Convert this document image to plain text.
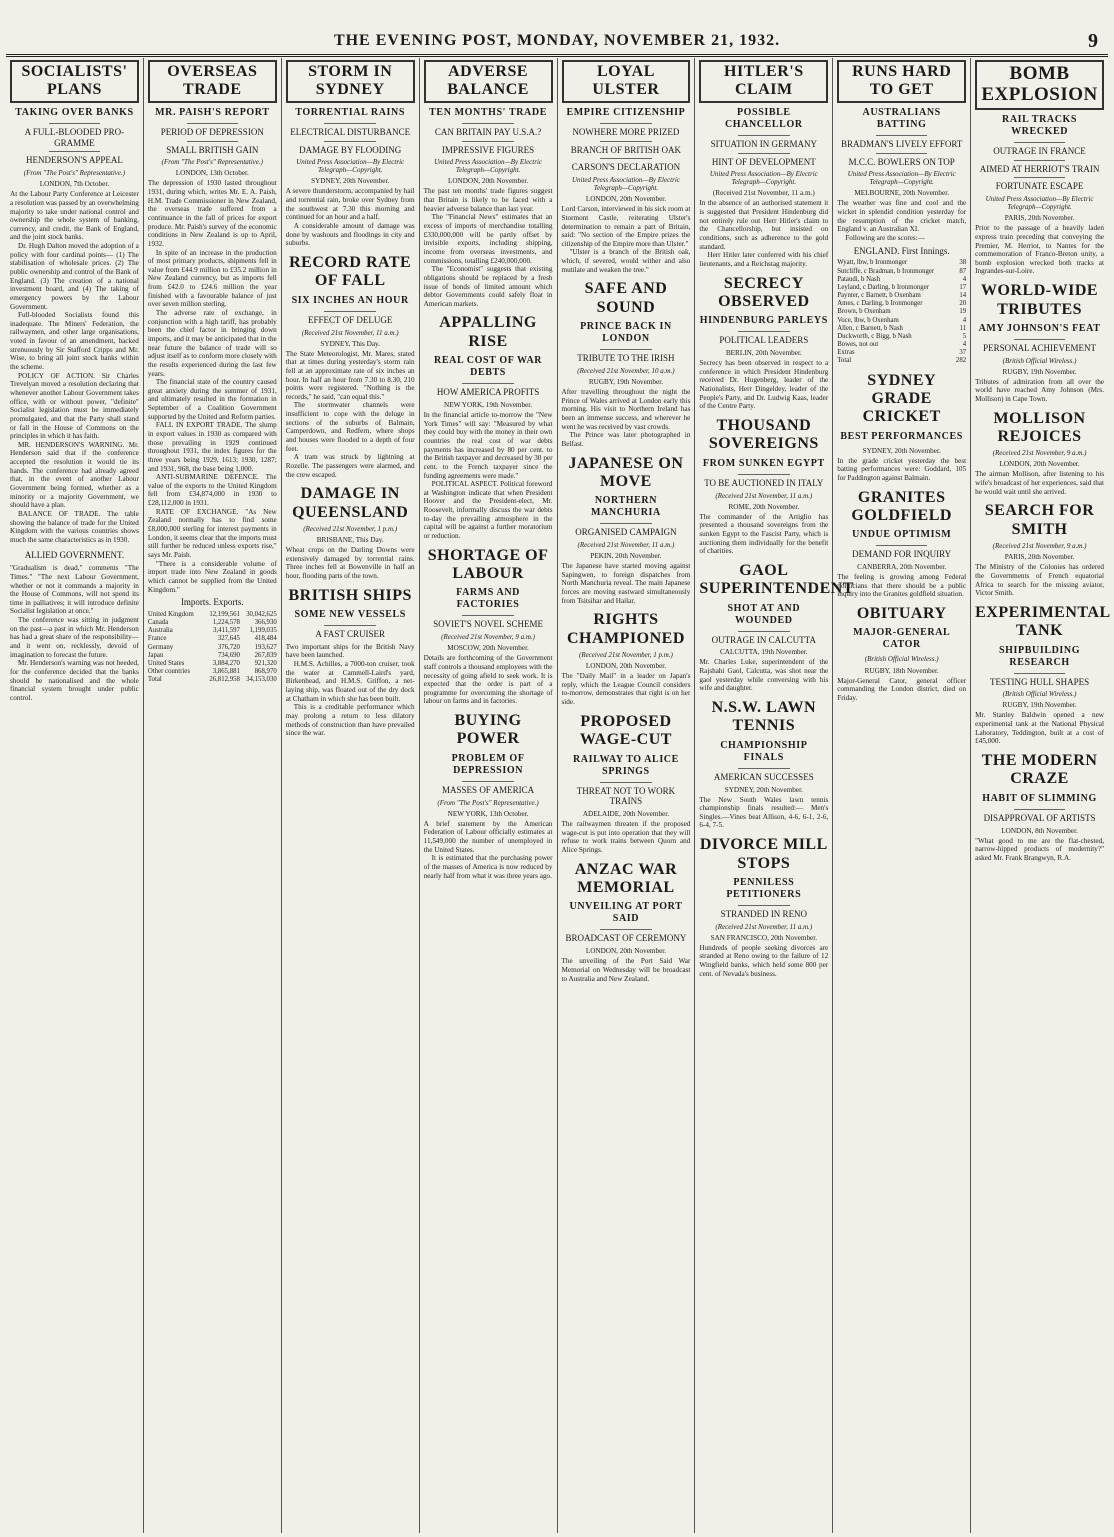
THE EVENING POST, MONDAY, NOVEMBER 21, 1932.	9
SOCIALISTS' PLANS
TAKING OVER BANKS
A FULL-BLOODED PRO-GRAMME
HENDERSON'S APPEAL
(From "The Post's" Representative.)
LONDON, 7th October.

At the Labour Party Conference at Leicester a resolution was passed by an overwhelming majority to take under national control and ownership the whole system of banking, currency, and credit, the Bank of England, and the joint stock banks.

Dr. Hugh Dalton moved the adoption of a policy with four cardinal points— (1) The stabilisation of wholesale prices. (2) The public ownership and control of the Bank of England. (3) The creation of a national investment board, and (4) The taking of emergency powers by the Labour Government.

Full-blooded Socialists found this inadequate. The Miners' Federation, the railwaymen, and other large organisations, voted in favour of an amendment, backed strenuously by Sir Stafford Cripps and Mr. Wise, to bring all joint stock banks within the scheme.

POLICY OF ACTION. Sir Charles Trevelyan moved a resolution declaring that whenever another Labour Government takes office, with or without power, "definite" Socialist legislation must be immediately promulgated, and that the Party shall stand or fall in the House of Commons on the principles in which it has faith.

MR. HENDERSON'S WARNING. Mr. Henderson said that if the conference accepted the resolution it would tie its hands. The conference had already agreed that, in the event of another Labour Government being formed, whether as a minority or a majority Government, we should have a plan.

BALANCE OF TRADE. The table showing the balance of trade for the United Kingdom with the various countries shows much the same characteristics as in 1930.

ALLIED GOVERNMENT.

"Gradualism is dead," comments "The Times." "The next Labour Government, whether or not it commands a majority in the House of Commons, will not spend its time in palliatives; it will introduce definite Socialist legislation at once."

The conference was sitting in judgment on the past—a past in which Mr. Henderson has had a great share of the responsibility—and it went on, recklessly, devoid of imagination to forecast the future.

Mr. Henderson's warning was not heeded, for the conference decided that the banks should be nationalised and the whole financial system brought under public control.

OVERSEAS TRADE
MR. PAISH'S REPORT
PERIOD OF DEPRESSION
SMALL BRITISH GAIN
(From "The Post's" Representative.)
LONDON, 13th October.

The depression of 1930 lasted throughout 1931, during which, writes Mr. E. A. Paish, H.M. Trade Commissioner in New Zealand, the overseas trade suffered from a continuance in the fall of prices for export produce. Mr. Paish's survey of the economic conditions in New Zealand is up to April, 1932.

In spite of an increase in the production of most primary products, shipments fell in value from £44.9 million to £35.2 million in New Zealand currency, but as imports fell from £42.0 to £24.6 million the year finished with a favourable balance of just over seven million sterling.

The adverse rate of exchange, in conjunction with a high tariff, has probably been the chief factor in bringing down imports, and it may be anticipated that in the near future the balance of trade will so adjust itself as to conform more closely with the results experienced during the last few years.

The financial state of the country caused great anxiety during the summer of 1931, and ultimately resulted in the formation in September of a Coalition Government supported by the United and Reform parties.

FALL IN EXPORT TRADE. The slump in export values in 1930 as compared with those prevailing in 1929 continued throughout 1931, the index figures for the three years being 1929, 1613; 1930, 1287; and 1931, 968, the base being 1,000.

ANTI-SUBMARINE DEFENCE. The value of the exports to the United Kingdom fell from £34,874,000 in 1930 to £28,112,000 in 1931.

RATE OF EXCHANGE. "As New Zealand normally has to find some £8,000,000 sterling for interest payments in London, it seems clear that the imports must still further be reduced unless exports rise," says Mr. Paish.

"There is a considerable volume of import trade into New Zealand in goods which cannot be supplied from the United Kingdom."

Imports. Exports.
United Kingdom	12,199,561	30,042,625
Canada	1,224,578	366,930
Australia	3,411,597	1,199,035
France	327,645	418,484
Germany	376,720	193,627
Japan	734,690	267,839
United States	3,884,270	921,320
Other countries	3,865,881	868,970
Total	26,812,958	34,153,030
STORM IN SYDNEY
TORRENTIAL RAINS
ELECTRICAL DISTURBANCE
DAMAGE BY FLOODING
United Press Association—By Electric Telegraph—Copyright.
SYDNEY, 20th November.

A severe thunderstorm, accompanied by hail and torrential rain, broke over Sydney from the southwest at 7.30 this morning and continued for an hour and a half.

A considerable amount of damage was done by washouts and floodings in city and suburbs.

RECORD RATE OF FALL
SIX INCHES AN HOUR
EFFECT OF DELUGE
(Received 21st November, 11 a.m.)
SYDNEY, This Day.

The State Meteorologist, Mr. Mares, stated that at times during yesterday's storm rain fell at an approximate rate of six inches an hour. In half an hour from 7.30 to 8.30, 210 points were registered. "Nothing is the records," he said, "can equal this."

The stormwater channels were insufficient to cope with the deluge in sections of the suburbs of Balmain, Camperdown, and Redfern, where shops and houses were flooded to a depth of four feet.

A tram was struck by lightning at Rozelle. The passengers were alarmed, and the crew escaped.

DAMAGE IN QUEENSLAND
(Received 21st November, 1 p.m.)
BRISBANE, This Day.

Wheat crops on the Darling Downs were extensively damaged by torrential rains. Three inches fell at Bowenville in half an hour, flooding parts of the town.

BRITISH SHIPS
SOME NEW VESSELS
A FAST CRUISER

Two important ships for the British Navy have been launched.

H.M.S. Achilles, a 7000-ton cruiser, took the water at Cammell-Laird's yard, Birkenhead, and H.M.S. Griffon, a net-laying ship, was floated out of the dry dock at Chatham in which she has been built.

This is a creditable performance which may prolong a return to less dilatory methods of construction than have prevailed since the war.

ADVERSE BALANCE
TEN MONTHS' TRADE
CAN BRITAIN PAY U.S.A.?
IMPRESSIVE FIGURES
United Press Association—By Electric Telegraph—Copyright.
LONDON, 20th November.

The past ten months' trade figures suggest that Britain is likely to be faced with a heavier adverse balance than last year.

The "Financial News" estimates that an excess of imports of merchandise totalling £330,000,000 will be partly offset by invisible exports, including shipping, income from overseas investments, and commissions, totalling £240,000,000.

The "Economist" suggests that existing obligations should be replaced by a fresh issue of bonds of limited amount which debtor Governments could safely float in American markets.

APPALLING RISE
REAL COST OF WAR DEBTS
HOW AMERICA PROFITS
NEW YORK, 19th November.

In the financial article to-morrow the "New York Times" will say: "Measured by what they could buy with the money in their own countries the real cost of war debts payments has increased by 80 per cent. to the British taxpayer and decreased by 30 per cent. to the French taxpayer since the funding agreements were made."

POLITICAL ASPECT. Political foreword at Washington indicate that when President Hoover and the President-elect, Mr. Roosevelt, informally discuss the war debts to-day the prevailing atmosphere in the capital will be against a further moratorium or reduction.

SHORTAGE OF LABOUR
FARMS AND FACTORIES
SOVIET'S NOVEL SCHEME
(Received 21st November, 9 a.m.)
MOSCOW, 20th November.

Details are forthcoming of the Government staff controls a thousand employees with the necessity of going afield to seek work. It is expected that the order is part of a programme for overcoming the shortage of labour on farms and in factories.

BUYING POWER
PROBLEM OF DEPRESSION
MASSES OF AMERICA
(From "The Post's" Representative.)
NEW YORK, 13th October.

A brief statement by the American Federation of Labour officially estimates at 11,549,000 the number of unemployed in the United States.

It is estimated that the purchasing power of the masses of America is now reduced by nearly half from what it was three years ago.

LOYAL ULSTER
EMPIRE CITIZENSHIP
NOWHERE MORE PRIZED
BRANCH OF BRITISH OAK
CARSON'S DECLARATION
United Press Association—By Electric Telegraph—Copyright.
LONDON, 20th November.

Lord Carson, interviewed in his sick room at Stormont Castle, reiterating Ulster's determination to remain a part of Britain, said: "No section of the Empire prizes the citizenship of the Empire more than Ulster."

"Ulster is a branch of the British oak, which, if severed, would wither and also mutilate and weaken the tree."

SAFE AND SOUND
PRINCE BACK IN LONDON
TRIBUTE TO THE IRISH
(Received 21st November, 10 a.m.)
RUGBY, 19th November.

After travelling throughout the night the Prince of Wales arrived at London early this morning. His visit to Northern Ireland has been an immense success, and wherever he went he was received by vast crowds.

The Prince was later photographed in Belfast.

JAPANESE ON MOVE
NORTHERN MANCHURIA
ORGANISED CAMPAIGN
(Received 21st November, 11 a.m.)
PEKIN, 20th November.

The Japanese have started moving against Sapingwen, to foreign dispatches from North Manchuria reveal. The main Japanese forces are moving eastward simultaneously from Tsitsihar and Hailar.

RIGHTS CHAMPIONED
(Received 21st November, 1 p.m.)
LONDON, 20th November.

The "Daily Mail" in a leader on Japan's reply, which the League Council considers to-morrow, demonstrates that right is on her side.

PROPOSED WAGE-CUT
RAILWAY TO ALICE SPRINGS
THREAT NOT TO WORK TRAINS
ADELAIDE, 20th November.

The railwaymen threaten if the proposed wage-cut is put into operation that they will refuse to work trains between Quorn and Alice Springs.

ANZAC WAR MEMORIAL
UNVEILING AT PORT SAID
BROADCAST OF CEREMONY
LONDON, 20th November.

The unveiling of the Port Said War Memorial on Wednesday will be broadcast to Australia and New Zealand.

HITLER'S CLAIM
POSSIBLE CHANCELLOR
SITUATION IN GERMANY
HINT OF DEVELOPMENT
United Press Association—By Electric Telegraph—Copyright.
(Received 21st November, 11 a.m.)

In the absence of an authorised statement it is suggested that President Hindenburg did not entirely rule out Herr Hitler's claim to the Chancellorship, but insisted on conditions, such as adherence to the gold standard.

Herr Hitler later conferred with his chief lieutenants, and a Reichstag majority.

SECRECY OBSERVED
HINDENBURG PARLEYS
POLITICAL LEADERS
BERLIN, 20th November.

Secrecy has been observed in respect to a conference in which President Hindenburg received Dr. Hugenberg, leader of the Nationalists, Herr Dingeldey, leader of the People's Party, and Dr. Ludwig Kaas, leader of the Centre Party.

THOUSAND SOVEREIGNS
FROM SUNKEN EGYPT
TO BE AUCTIONED IN ITALY
(Received 21st November, 11 a.m.)
ROME, 20th November.

The commander of the Artiglio has presented a thousand sovereigns from the sunken Egypt to the Fascist Party, which is auctioning them individually for the benefit of charities.

GAOL SUPERINTENDENT
SHOT AT AND WOUNDED
OUTRAGE IN CALCUTTA
CALCUTTA, 19th November.

Mr. Charles Luke, superintendent of the Rajshahi Gaol, Calcutta, was shot near the gaol yesterday while conversing with his wife and daughter.

N.S.W. LAWN TENNIS
CHAMPIONSHIP FINALS
AMERICAN SUCCESSES
SYDNEY, 20th November.

The New South Wales lawn tennis championship finals resulted:— Men's Singles.—Vines beat Allison, 4-6, 6-1, 2-6, 6-4, 7-5.

DIVORCE MILL STOPS
PENNILESS PETITIONERS
STRANDED IN RENO
(Received 21st November, 11 a.m.)
SAN FRANCISCO, 20th November.

Hundreds of people seeking divorces are stranded at Reno owing to the failure of 12 Wingfield banks, which held some 800 per cent. of Nevada's business.

RUNS HARD TO GET
AUSTRALIANS BATTING
BRADMAN'S LIVELY EFFORT
M.C.C. BOWLERS ON TOP
United Press Association—By Electric Telegraph—Copyright.
MELBOURNE, 20th November.

The weather was fine and cool and the wicket in splendid condition yesterday for the resumption of the cricket match, England v. an Australian XI.

Following are the scores:—

ENGLAND. First Innings.
Wyatt, lbw, b Ironmonger		38
Sutcliffe, c Bradman, b Ironmonger		87
Pataudi, b Nash		4
Leyland, c Darling, b Ironmonger		17
Paynter, c Barnett, b Oxenham		14
Ames, c Darling, b Ironmonger		20
Brown, b Oxenham		19
Voce, lbw, b Oxenham		4
Allen, c Barnett, b Nash		11
Duckworth, c Bigg, b Nash		5
Bowes, not out		4
Extras		37
Total		282
SYDNEY GRADE CRICKET
BEST PERFORMANCES
SYDNEY, 20th November.

In the grade cricket yesterday the best batting performances were: Goddard, 105 for Paddington against Balmain.

GRANITES GOLDFIELD
UNDUE OPTIMISM
DEMAND FOR INQUIRY
CANBERRA, 20th November.

The feeling is growing among Federal politicians that there should be a public inquiry into the Granites goldfield situation.

OBITUARY
MAJOR-GENERAL CATOR
(British Official Wireless.)
RUGBY, 18th November.

Major-General Cator, general officer commanding the London district, died on Friday.

BOMB EXPLOSION
RAIL TRACKS WRECKED
OUTRAGE IN FRANCE
AIMED AT HERRIOT'S TRAIN
FORTUNATE ESCAPE
United Press Association—By Electric Telegraph—Copyright.
PARIS, 20th November.

Prior to the passage of a heavily laden express train preceding that conveying the Premier, M. Herriot, to Nantes for the commemoration of Franco-Breton unity, a bomb explosion wrecked both tracks at Ingrandes-sur-Loire.

WORLD-WIDE TRIBUTES
AMY JOHNSON'S FEAT
PERSONAL ACHIEVEMENT
(British Official Wireless.)
RUGBY, 19th November.

Tributes of admiration from all over the world have reached Amy Johnson (Mrs. Mollison) in Cape Town.

MOLLISON REJOICES
(Received 21st November, 9 a.m.)
LONDON, 20th November.

The airman Mollison, after listening to his wife's broadcast of her experiences, said that he would wait until she arrived.

SEARCH FOR SMITH
(Received 21st November, 9 a.m.)
PARIS, 20th November.

The Ministry of the Colonies has ordered the Governments of French equatorial Africa to search for the missing aviator, Victor Smith.

EXPERIMENTAL TANK
SHIPBUILDING RESEARCH
TESTING HULL SHAPES
(British Official Wireless.)
RUGBY, 19th November.

Mr. Stanley Baldwin opened a new experimental tank at the National Physical Laboratory, Teddington, built at a cost of £45,000.

THE MODERN CRAZE
HABIT OF SLIMMING
DISAPPROVAL OF ARTISTS
LONDON, 8th November.

"What good to me are the flat-chested, narrow-hipped products of modernity?" asked Mr. Frank Brangwyn, R.A.
